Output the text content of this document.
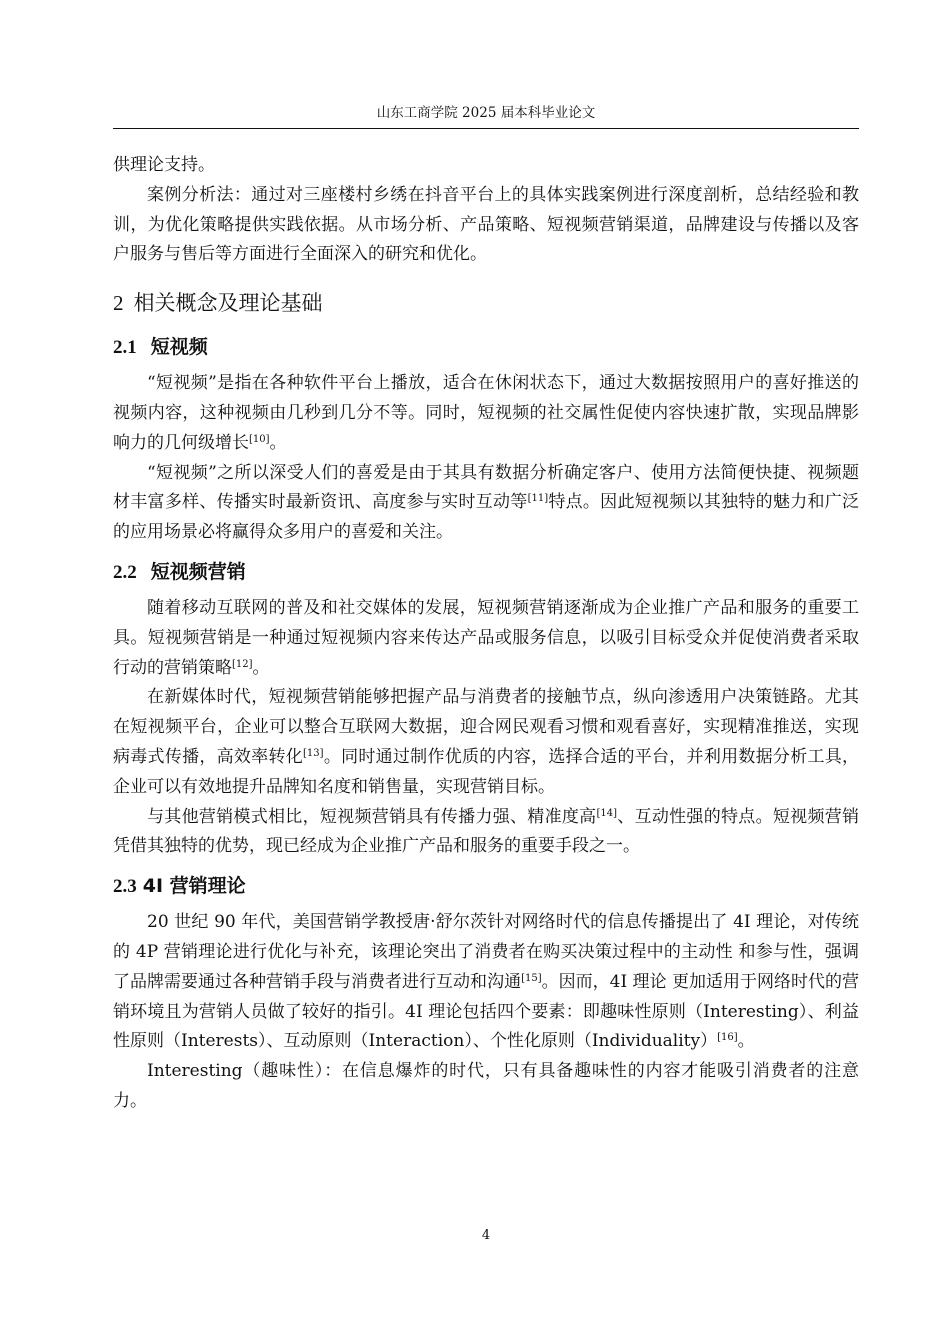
山东工商学院 2025 届本科毕业论文

供理论支持。

案例分析法：通过对三座楼村乡绣在抖音平台上的具体实践案例进行深度剖析，总结经验和教训，为优化策略提供实践依据。从市场分析、产品策略、短视频营销渠道，品牌建设与传播以及客户服务与售后等方面进行全面深入的研究和优化。

2 相关概念及理论基础
2.1 短视频

“短视频”是指在各种软件平台上播放，适合在休闲状态下，通过大数据按照用户的喜好推送的视频内容，这种视频由几秒到几分不等。同时，短视频的社交属性促使内容快速扩散，实现品牌影响力的几何级增长[10]。

“短视频”之所以深受人们的喜爱是由于其具有数据分析确定客户、使用方法简便快捷、视频题材丰富多样、传播实时最新资讯、高度参与实时互动等[11]特点。因此短视频以其独特的魅力和广泛的应用场景必将赢得众多用户的喜爱和关注。

2.2 短视频营销

随着移动互联网的普及和社交媒体的发展，短视频营销逐渐成为企业推广产品和服务的重要工具。短视频营销是一种通过短视频内容来传达产品或服务信息，以吸引目标受众并促使消费者采取行动的营销策略[12]。

在新媒体时代，短视频营销能够把握产品与消费者的接触节点，纵向渗透用户决策链路。尤其在短视频平台，企业可以整合互联网大数据，迎合网民观看习惯和观看喜好，实现精准推送，实现病毒式传播，高效率转化[13]。同时通过制作优质的内容，选择合适的平台，并利用数据分析工具，企业可以有效地提升品牌知名度和销售量，实现营销目标。

与其他营销模式相比，短视频营销具有传播力强、精准度高[14]、互动性强的特点。短视频营销凭借其独特的优势，现已经成为企业推广产品和服务的重要手段之一。

2.3 4I 营销理论

20 世纪 90 年代，美国营销学教授唐·舒尔茨针对网络时代的信息传播提出了 4I 理论，对传统的 4P 营销理论进行优化与补充，该理论突出了消费者在购买决策过程中的主动性 和参与性，强调了品牌需要通过各种营销手段与消费者进行互动和沟通[15]。因而，4I 理论 更加适用于网络时代的营销环境且为营销人员做了较好的指引。4I 理论包括四个要素：即趣味性原则（Interesting）、利益性原则（Interests）、互动原则（Interaction）、个性化原则（Individuality）[16]。

Interesting（趣味性）：在信息爆炸的时代，只有具备趣味性的内容才能吸引消费者的注意力。

4
